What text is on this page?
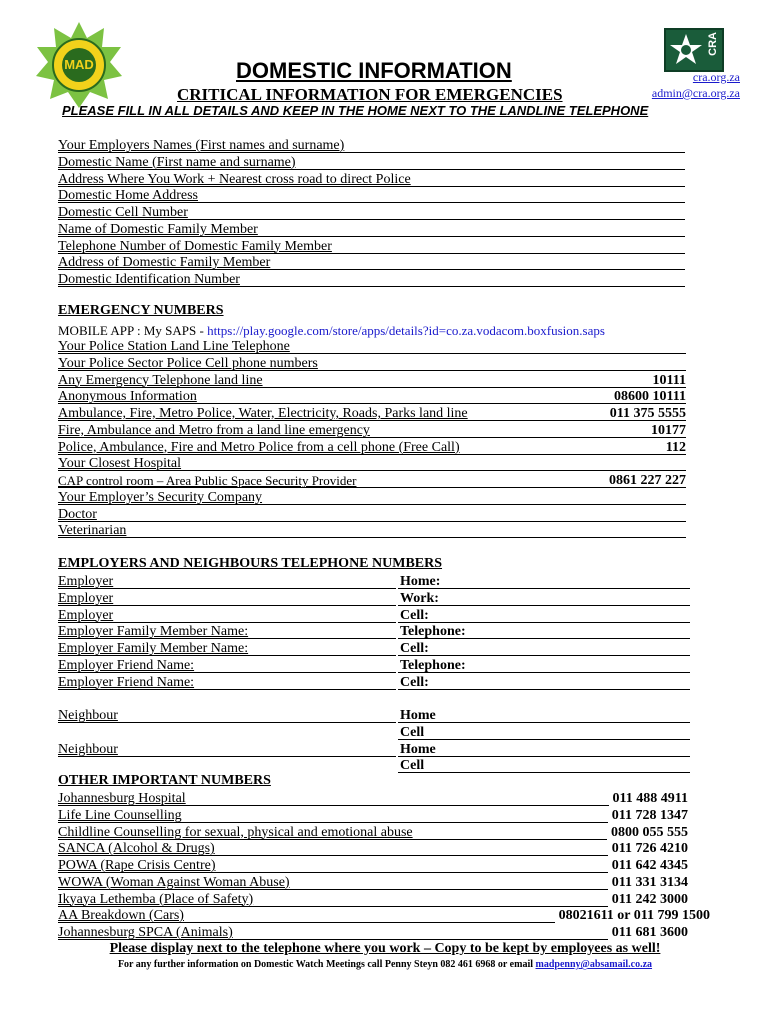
MAD
CRA
DOMESTIC INFORMATION
CRITICAL INFORMATION FOR EMERGENCIES
PLEASE FILL IN ALL DETAILS AND KEEP IN THE HOME NEXT TO THE LANDLINE TELEPHONE
cra.org.za
admin@cra.org.za
Your Employers Names (First names and surname)
Domestic Name (First name and surname)
Address Where You Work + Nearest cross road to direct Police
Domestic Home Address
Domestic Cell Number
Name of Domestic Family Member
Telephone Number of Domestic Family Member
Address of Domestic Family Member
Domestic Identification Number
EMERGENCY NUMBERS
MOBILE APP : My SAPS - https://play.google.com/store/apps/details?id=co.za.vodacom.boxfusion.saps
Your Police Station Land Line Telephone
Your Police Sector Police Cell phone numbers
Any Emergency Telephone land line	10111
Anonymous Information	08600 10111
Ambulance, Fire, Metro Police, Water, Electricity, Roads, Parks land line	011 375 5555
Fire, Ambulance and Metro from a land line emergency	10177
Police, Ambulance, Fire and Metro Police from a cell phone (Free Call)	112
Your Closest Hospital
CAP control room – Area Public Space Security Provider	0861 227 227
Your Employer’s Security Company
Doctor
Veterinarian
EMPLOYERS AND NEIGHBOURS TELEPHONE NUMBERS
Employer	Home:
Employer	Work:
Employer	Cell:
Employer Family Member Name:	Telephone:
Employer Family Member Name:	Cell:
Employer Friend Name:	Telephone:
Employer Friend Name:	Cell:
Neighbour	Home
Cell
Neighbour	Home
Cell
OTHER IMPORTANT NUMBERS
Johannesburg Hospital	011 488 4911
Life Line Counselling	011 728 1347
Childline Counselling for sexual, physical and emotional abuse	0800 055 555
SANCA (Alcohol & Drugs)	011 726 4210
POWA (Rape Crisis Centre)	011 642 4345
WOWA (Woman Against Woman Abuse)	011 331 3134
Ikyaya Lethemba (Place of Safety)	011 242 3000
AA Breakdown (Cars)	08021611 or 011 799 1500
Johannesburg SPCA (Animals)	011 681 3600
Please display next to the telephone where you work – Copy to be kept by employees as well!
For any further information on Domestic Watch Meetings call Penny Steyn 082 461 6968 or email madpenny@absamail.co.za
